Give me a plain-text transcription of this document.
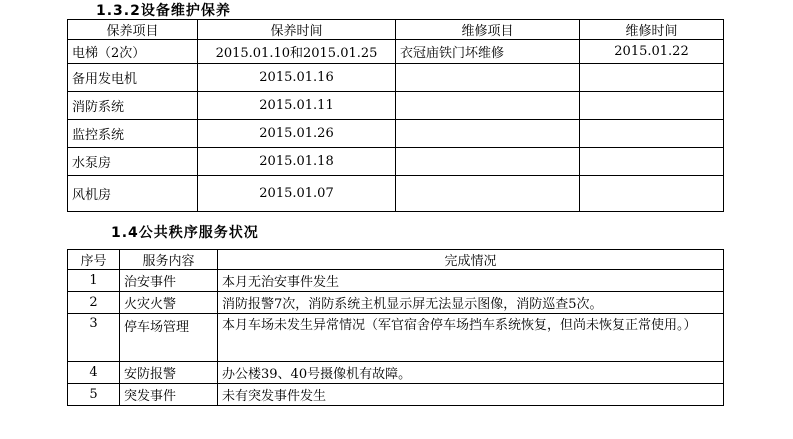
1.3.2设备维护保养
保养项目	保养时间	维修项目	维修时间
电梯（2次）	2015.01.10和2015.01.25	衣冠庙铁门坏维修	2015.01.22
备用发电机	2015.01.16		
消防系统	2015.01.11		
监控系统	2015.01.26		
水泵房	2015.01.18		
风机房	2015.01.07		
1.4公共秩序服务状况
序号	服务内容	完成情况
1	治安事件	本月无治安事件发生
2	火灾火警	消防报警7次，消防系统主机显示屏无法显示图像，消防巡查5次。
3	停车场管理	本月车场未发生异常情况（军官宿舍停车场挡车系统恢复，但尚未恢复正常使用。）
4	安防报警	办公楼39、40号摄像机有故障。
5	突发事件	未有突发事件发生
